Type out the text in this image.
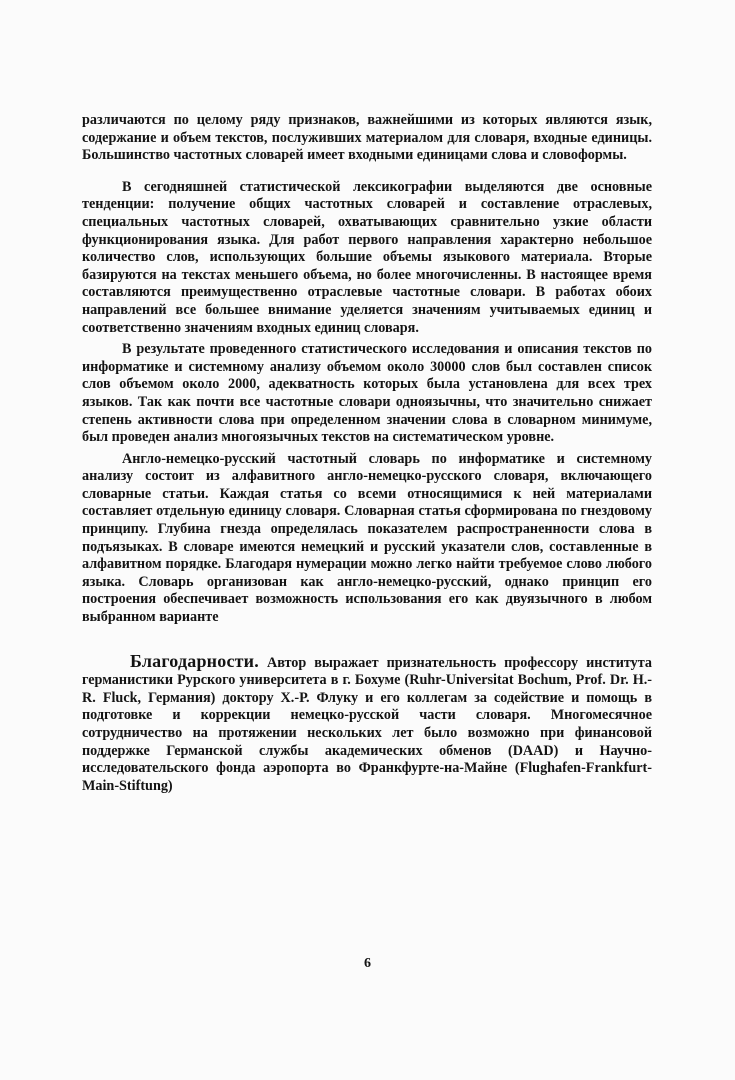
различаются по целому ряду признаков, важнейшими из которых являются язык, содержание и объем текстов, послуживших материалом для словаря, входные единицы. Большинство частотных словарей имеет входными единицами слова и словоформы.

В сегодняшней статистической лексикографии выделяются две основные тенденции: получение общих частотных словарей и составление отраслевых, специальных частотных словарей, охватывающих сравнительно узкие области функционирования языка. Для работ первого направления характерно небольшое количество слов, использующих большие объемы языкового материала. Вторые базируются на текстах меньшего объема, но более многочисленны. В настоящее время составляются преимущественно отраслевые частотные словари. В работах обоих направлений все большее внимание уделяется значениям учитываемых единиц и соответственно значениям входных единиц словаря.

В результате проведенного статистического исследования и описания текстов по информатике и системному анализу объемом около 30000 слов был составлен список слов объемом около 2000, адекватность которых была установлена для всех трех языков. Так как почти все частотные словари одноязычны, что значительно снижает степень активности слова при определенном значении слова в словарном минимуме, был проведен анализ многоязычных текстов на систематическом уровне.

Англо-немецко-русский частотный словарь по информатике и системному анализу состоит из алфавитного англо-немецко-русского словаря, включающего словарные статьи. Каждая статья со всеми относящимися к ней материалами составляет отдельную единицу словаря. Словарная статья сформирована по гнездовому принципу. Глубина гнезда определялась показателем распространенности слова в подъязыках. В словаре имеются немецкий и русский указатели слов, составленные в алфавитном порядке. Благодаря нумерации можно легко найти требуемое слово любого языка. Словарь организован как англо-немецко-русский, однако принцип его построения обеспечивает возможность использования его как двуязычного в любом выбранном варианте

Благодарности. Автор выражает признательность профессору института германистики Рурского университета в г. Бохуме (Ruhr-Universitat Bochum, Prof. Dr. H.-R. Fluck, Германия) доктору Х.-Р. Флуку и его коллегам за содействие и помощь в подготовке и коррекции немецко-русской части словаря. Многомесячное сотрудничество на протяжении нескольких лет было возможно при финансовой поддержке Германской службы академических обменов (DAAD) и Научно-исследовательского фонда аэропорта во Франкфурте-на-Майне (Flughafen-Frankfurt-Main-Stiftung)

6
